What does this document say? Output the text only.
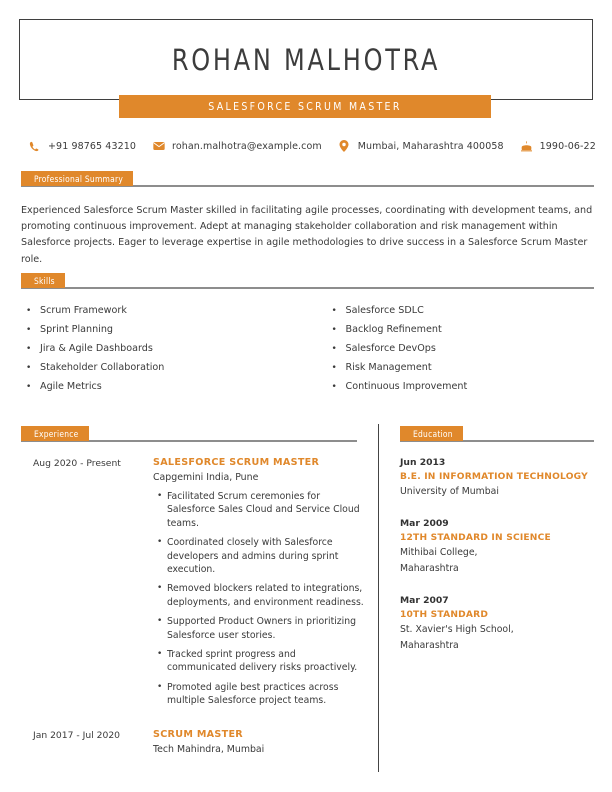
ROHAN MALHOTRA
SALESFORCE SCRUM MASTER
+91 98765 43210	rohan.malhotra@example.com	Mumbai, Maharashtra 400058	1990-06-22
Professional Summary
Experienced Salesforce Scrum Master skilled in facilitating agile processes, coordinating with development teams, and promoting continuous improvement. Adept at managing stakeholder collaboration and risk management within Salesforce projects. Eager to leverage expertise in agile methodologies to drive success in a Salesforce Scrum Master role.
Skills
• Scrum Framework
• Sprint Planning
• Jira & Agile Dashboards
• Stakeholder Collaboration
• Agile Metrics
• Salesforce SDLC
• Backlog Refinement
• Salesforce DevOps
• Risk Management
• Continuous Improvement
Experience
Aug 2020 - Present	SALESFORCE SCRUM MASTER
Capgemini India, Pune
• Facilitated Scrum ceremonies for Salesforce Sales Cloud and Service Cloud teams.
• Coordinated closely with Salesforce developers and admins during sprint execution.
• Removed blockers related to integrations, deployments, and environment readiness.
• Supported Product Owners in prioritizing Salesforce user stories.
• Tracked sprint progress and communicated delivery risks proactively.
• Promoted agile best practices across multiple Salesforce project teams.
Jan 2017 - Jul 2020	SCRUM MASTER
Tech Mahindra, Mumbai
Education
Jun 2013
B.E. IN INFORMATION TECHNOLOGY
University of Mumbai
Mar 2009
12TH STANDARD IN SCIENCE
Mithibai College,
Maharashtra
Mar 2007
10TH STANDARD
St. Xavier's High School,
Maharashtra
